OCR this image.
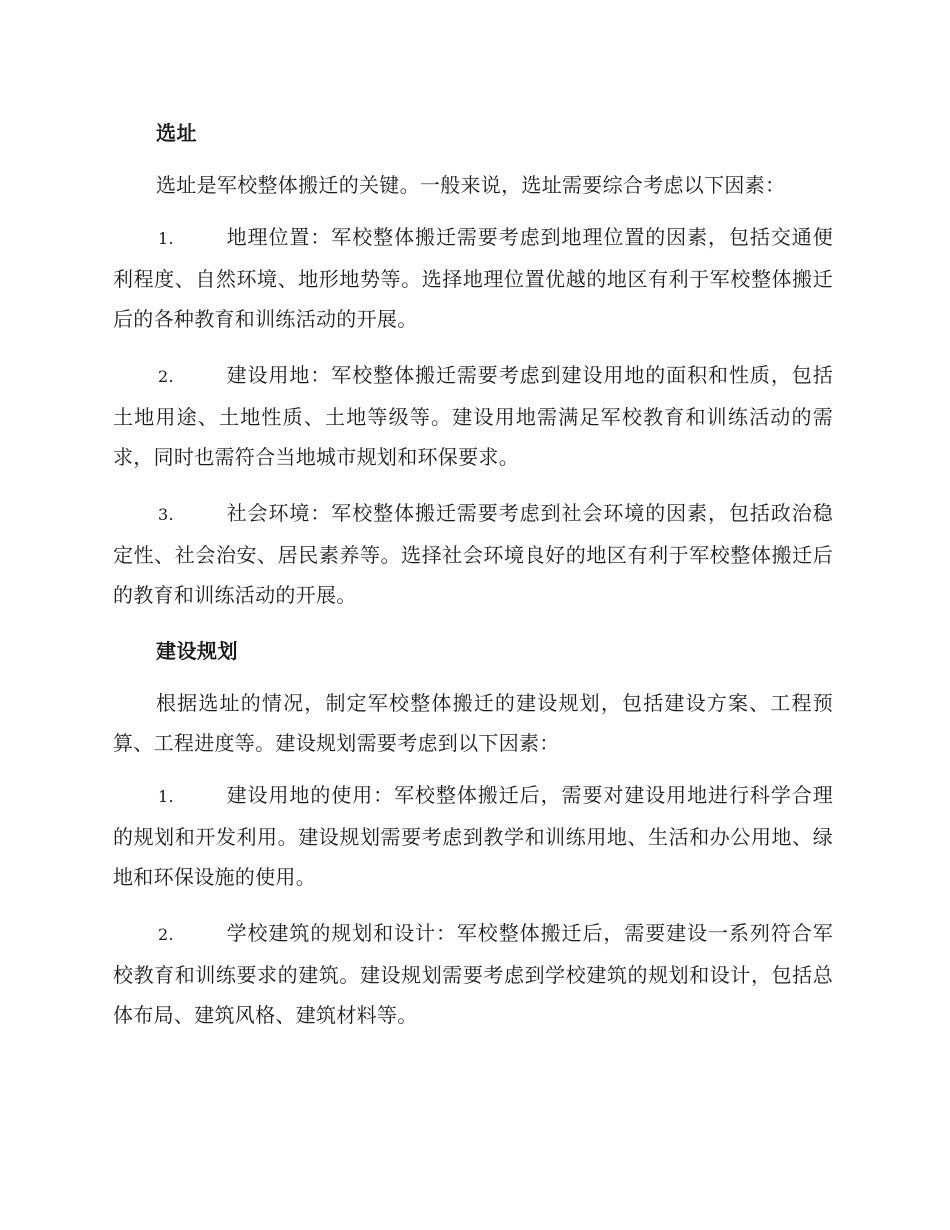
选址

选址是军校整体搬迁的关键。一般来说，选址需要综合考虑以下因素：

1.	地理位置：军校整体搬迁需要考虑到地理位置的因素，包括交通便利程度、自然环境、地形地势等。选择地理位置优越的地区有利于军校整体搬迁后的各种教育和训练活动的开展。

2.	建设用地：军校整体搬迁需要考虑到建设用地的面积和性质，包括土地用途、土地性质、土地等级等。建设用地需满足军校教育和训练活动的需求，同时也需符合当地城市规划和环保要求。

3.	社会环境：军校整体搬迁需要考虑到社会环境的因素，包括政治稳定性、社会治安、居民素养等。选择社会环境良好的地区有利于军校整体搬迁后的教育和训练活动的开展。

建设规划

根据选址的情况，制定军校整体搬迁的建设规划，包括建设方案、工程预算、工程进度等。建设规划需要考虑到以下因素：

1.	建设用地的使用：军校整体搬迁后，需要对建设用地进行科学合理的规划和开发利用。建设规划需要考虑到教学和训练用地、生活和办公用地、绿地和环保设施的使用。

2.	学校建筑的规划和设计：军校整体搬迁后，需要建设一系列符合军校教育和训练要求的建筑。建设规划需要考虑到学校建筑的规划和设计，包括总体布局、建筑风格、建筑材料等。
